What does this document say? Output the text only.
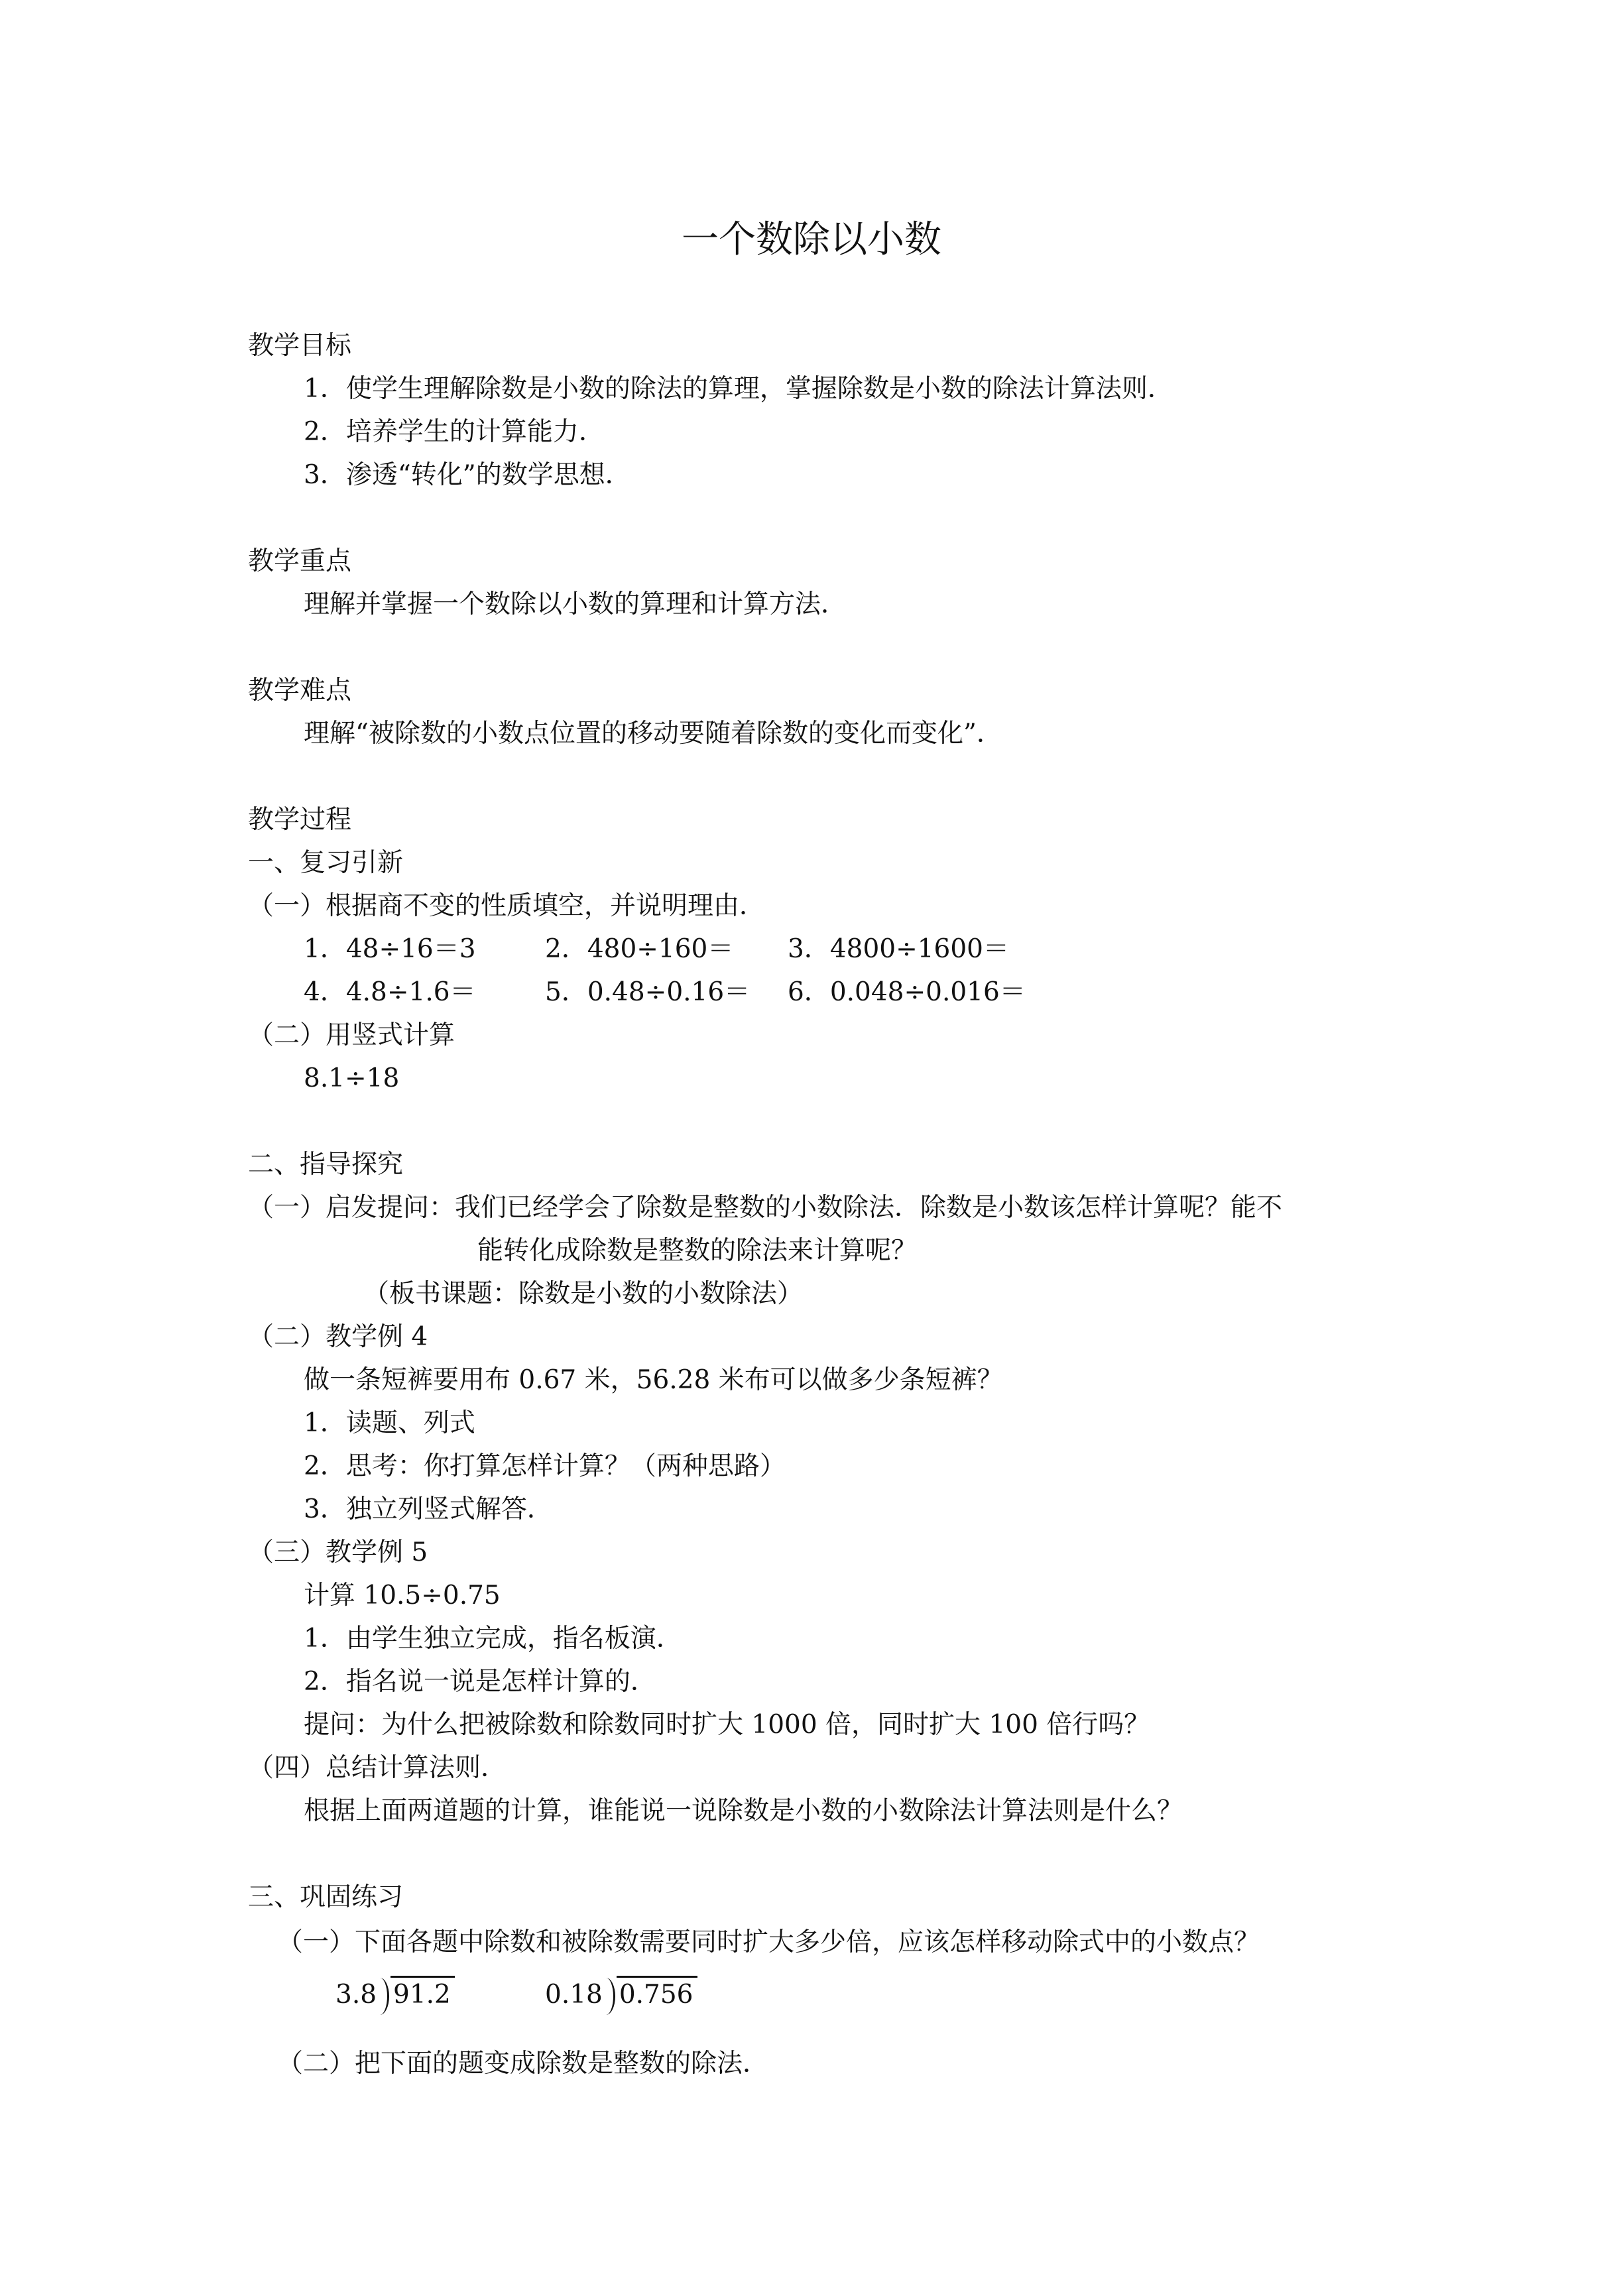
一个数除以小数
教学目标
1．使学生理解除数是小数的除法的算理，掌握除数是小数的除法计算法则．
2．培养学生的计算能力．
3．渗透“转化”的数学思想．
教学重点
理解并掌握一个数除以小数的算理和计算方法．
教学难点
理解“被除数的小数点位置的移动要随着除数的变化而变化”．
教学过程
一、复习引新
（一）根据商不变的性质填空，并说明理由．
1．48÷16＝3	2．480÷160＝ 3．4800÷1600＝
4．4.8÷1.6＝	5．0.48÷0.16＝ 6．0.048÷0.016＝
（二）用竖式计算
8.1÷18
二、指导探究
（一）启发提问：我们已经学会了除数是整数的小数除法．除数是小数该怎样计算呢？能不
能转化成除数是整数的除法来计算呢？
（板书课题：除数是小数的小数除法）
（二）教学例 4
做一条短裤要用布 0.67 米，56.28 米布可以做多少条短裤？
1．读题、列式
2．思考：你打算怎样计算？（两种思路）
3．独立列竖式解答．
（三）教学例 5
计算 10.5÷0.75
1．由学生独立完成，指名板演．
2．指名说一说是怎样计算的．
提问：为什么把被除数和除数同时扩大 1000 倍，同时扩大 100 倍行吗？
（四）总结计算法则．
根据上面两道题的计算，谁能说一说除数是小数的小数除法计算法则是什么？
三、巩固练习
（一）下面各题中除数和被除数需要同时扩大多少倍，应该怎样移动除式中的小数点？
3.8 91.2	0.18 0.756
（二）把下面的题变成除数是整数的除法．
